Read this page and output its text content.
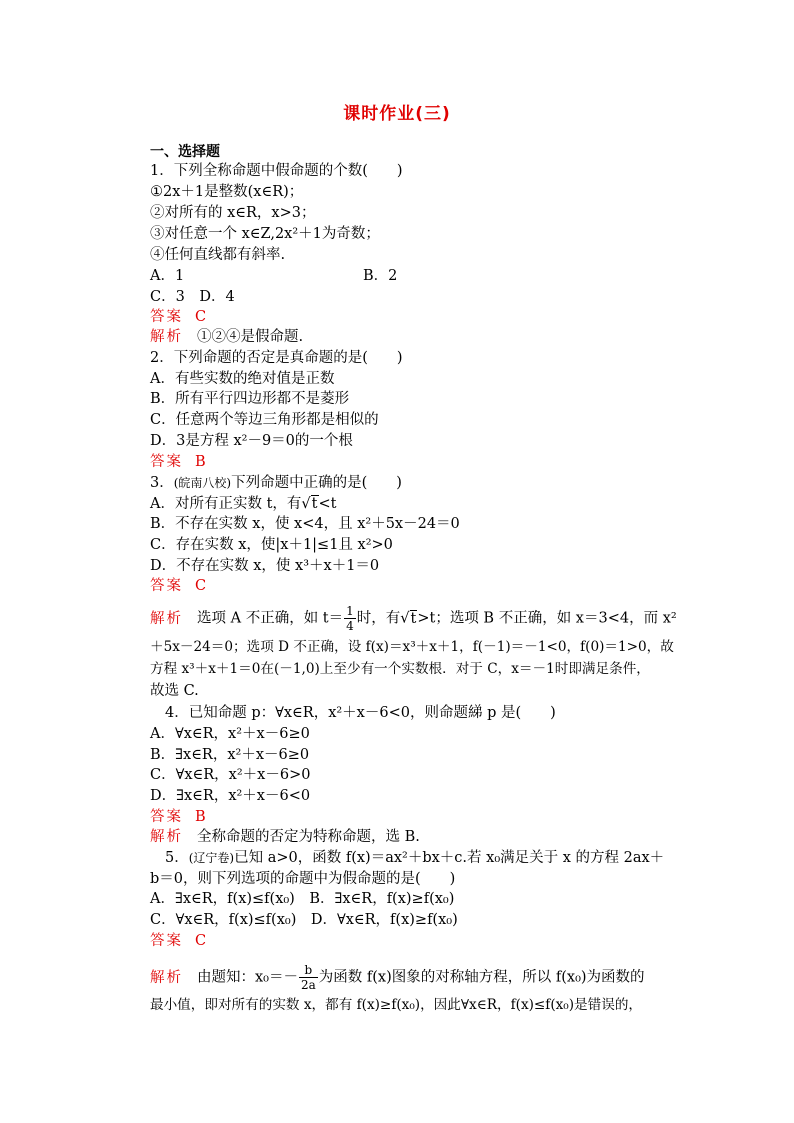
课时作业(三)
一、选择题
1．下列全称命题中假命题的个数(　　)
①2x＋1是整数(x∈R)；
②对所有的 x∈R，x>3；
③对任意一个 x∈Z,2x²＋1为奇数；
④任何直线都有斜率.
A．1	B．2
C．3　D．4
答案 C
解析 ①②④是假命题.
2．下列命题的否定是真命题的是(　　)
A．有些实数的绝对值是正数
B．所有平行四边形都不是菱形
C．任意两个等边三角形都是相似的
D．3是方程 x²－9＝0的一个根
答案 B
3．(皖南八校)下列命题中正确的是(　　)
A．对所有正实数 t，有√t<t
B．不存在实数 x，使 x<4，且 x²＋5x－24＝0
C．存在实数 x，使|x＋1|≤1且 x²>0
D．不存在实数 x，使 x³＋x＋1＝0
答案 C
解析 选项 A 不正确，如 $t= \frac{1}{4}$ 时，有√t>t；选项 B 不正确，如 x＝3<4，而 x²
＋5x－24＝0；选项 D 不正确，设 f(x)＝x³＋x＋1，f(－1)＝－1<0，f(0)＝1>0，故
方程 x³＋x＋1＝0在(－1,0)上至少有一个实数根．对于 C，x＝－1时即满足条件，
故选 C.
4．已知命题 p：∀x∈R，x²＋x－6<0，则命题綈 p 是(　　)
A．∀x∈R，x²＋x－6≥0
B．∃x∈R，x²＋x－6≥0
C．∀x∈R，x²＋x－6>0
D．∃x∈R，x²＋x－6<0
答案 B
解析 全称命题的否定为特称命题，选 B.
5．(辽宁卷)已知 a>0，函数 f(x)＝ax²＋bx＋c.若 x₀满足关于 x 的方程 2ax＋
b＝0，则下列选项的命题中为假命题的是(　　)
A．∃x∈R，f(x)≤f(x₀)　B．∃x∈R，f(x)≥f(x₀)
C．∀x∈R，f(x)≤f(x₀)　D．∀x∈R，f(x)≥f(x₀)
答案 C
解析 由题知：$x_0=- \frac{b}{2a}$ 为函数 f(x)图象的对称轴方程，所以 f(x₀)为函数的
最小值，即对所有的实数 x，都有 f(x)≥f(x₀)，因此∀x∈R，f(x)≤f(x₀)是错误的，
